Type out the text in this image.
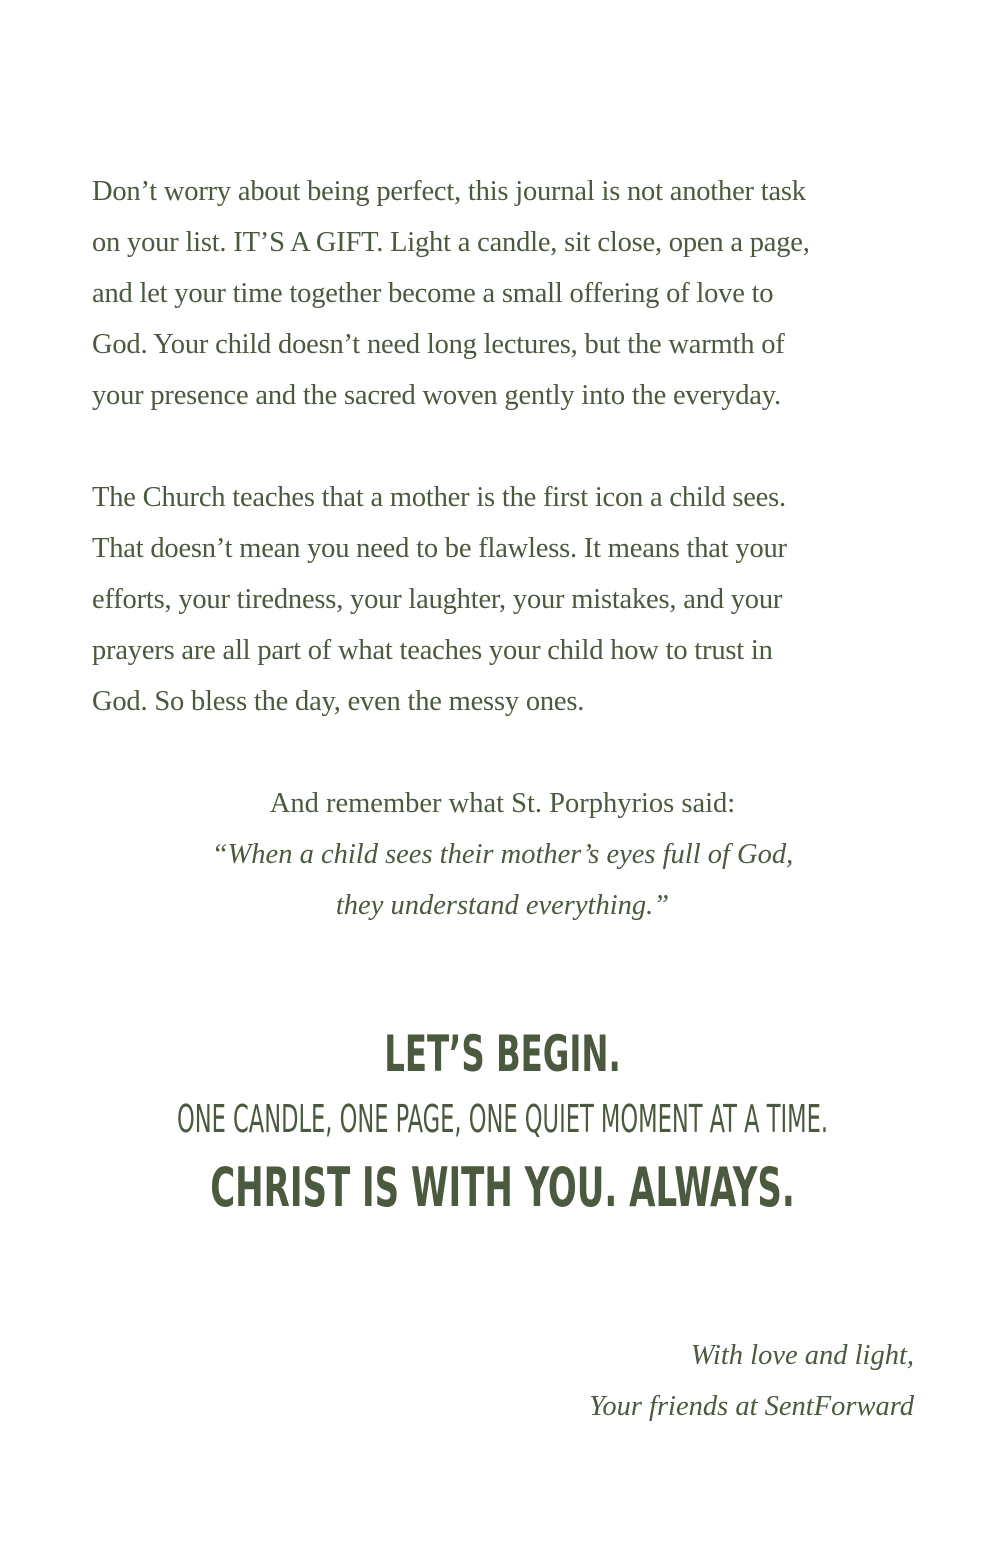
Don’t worry about being perfect, this journal is not another task
on your list. IT’S A GIFT. Light a candle, sit close, open a page,
and let your time together become a small offering of love to
God. Your child doesn’t need long lectures, but the warmth of
your presence and the sacred woven gently into the everyday.

The Church teaches that a mother is the first icon a child sees.
That doesn’t mean you need to be flawless. It means that your
efforts, your tiredness, your laughter, your mistakes, and your
prayers are all part of what teaches your child how to trust in
God. So bless the day, even the messy ones.

And remember what St. Porphyrios said:
“When a child sees their mother’s eyes full of God,
they understand everything.”
LET’S BEGIN.
ONE CANDLE, ONE PAGE, ONE QUIET MOMENT AT A TIME.
CHRIST IS WITH YOU. ALWAYS.
With love and light,
Your friends at SentForward
